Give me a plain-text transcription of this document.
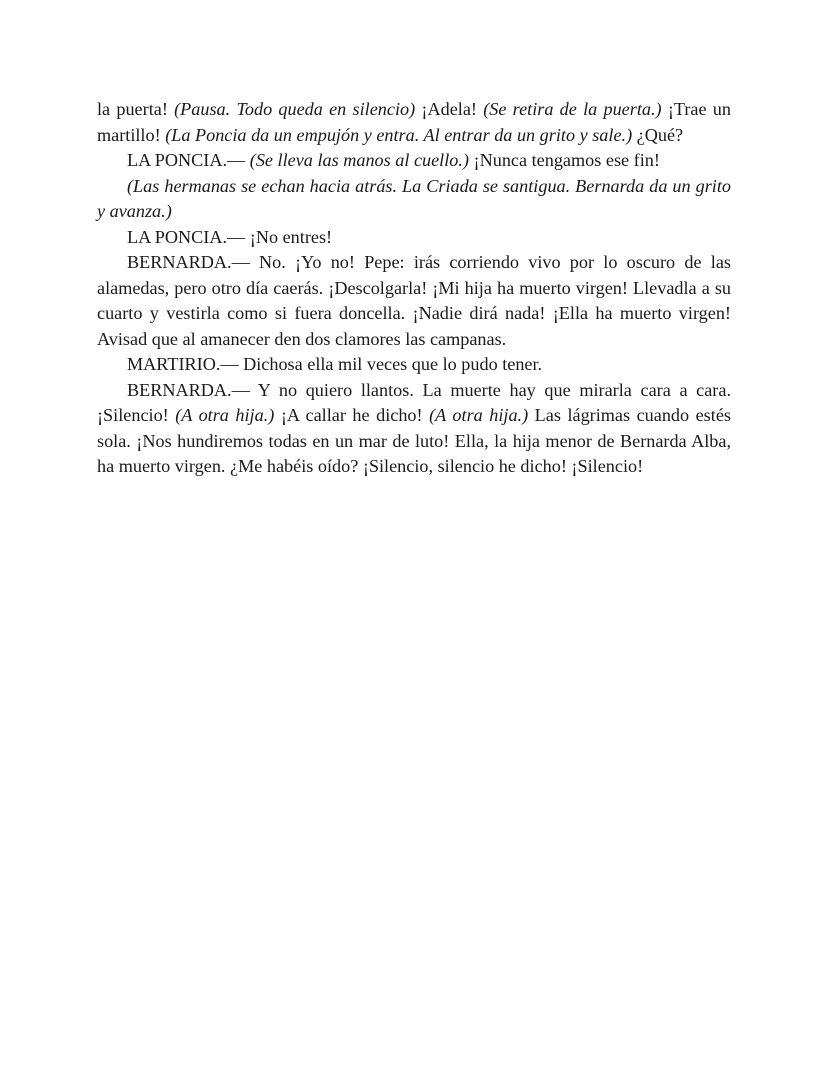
la puerta! (Pausa. Todo queda en silencio) ¡Adela! (Se retira de la puerta.) ¡Trae un martillo! (La Poncia da un empujón y entra. Al entrar da un grito y sale.) ¿Qué?

LA PONCIA.— (Se lleva las manos al cuello.) ¡Nunca tengamos ese fin!

(Las hermanas se echan hacia atrás. La Criada se santigua. Bernarda da un grito y avanza.)

LA PONCIA.— ¡No entres!

BERNARDA.— No. ¡Yo no! Pepe: irás corriendo vivo por lo oscuro de las alamedas, pero otro día caerás. ¡Descolgarla! ¡Mi hija ha muerto virgen! Llevadla a su cuarto y vestirla como si fuera doncella. ¡Nadie dirá nada! ¡Ella ha muerto virgen! Avisad que al amanecer den dos clamores las campanas.

MARTIRIO.— Dichosa ella mil veces que lo pudo tener.

BERNARDA.— Y no quiero llantos. La muerte hay que mirarla cara a cara. ¡Silencio! (A otra hija.) ¡A callar he dicho! (A otra hija.) Las lágrimas cuando estés sola. ¡Nos hundiremos todas en un mar de luto! Ella, la hija menor de Bernarda Alba, ha muerto virgen. ¿Me habéis oído? ¡Silencio, silencio he dicho! ¡Silencio!
